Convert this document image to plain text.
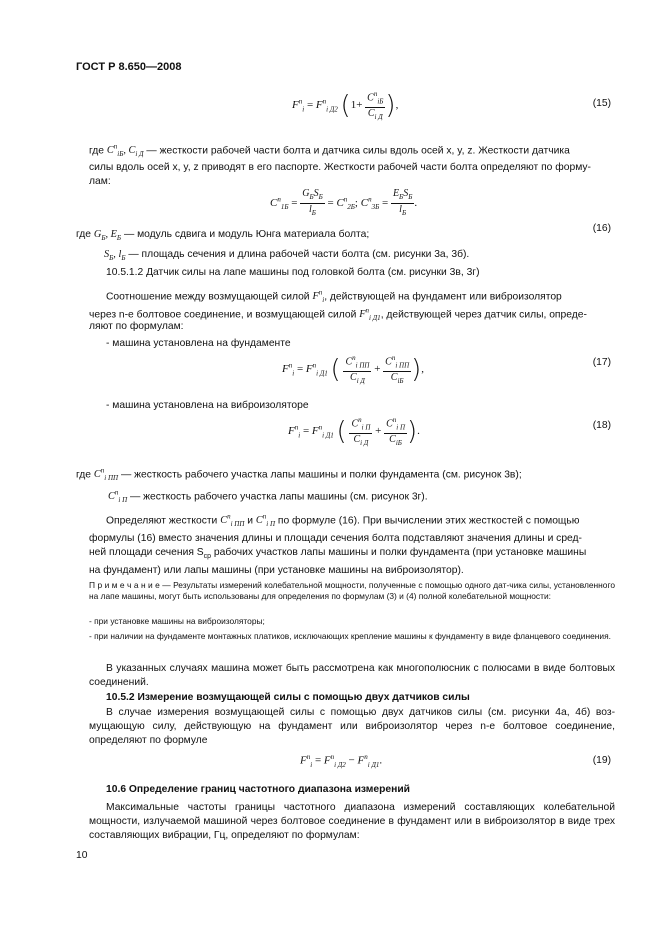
ГОСТ Р 8.650—2008
$F^n_i = F^n_{i Д2}$ ($1+ \frac{C^n_{iБ}}{C_{i Д}}$ ),	(15)
где $C^n_{iБ}$, $C_{i Д}$ — жесткости рабочей части болта и датчика силы вдоль осей x, y, z. Жесткости датчика
силы вдоль осей x, y, z приводят в его паспорте. Жесткости рабочей части болта определяют по форму-
лам:
$C^n_{1Б} = \frac{G_БS_Б}{l_Б} = C^n_{2Б}$; $C^n_{3Б} = \frac{E_БS_Б}{l_Б}$ .
(16)
где $G_Б$, $E_Б$ — модуль сдвига и модуль Юнга материала болта;
$S_Б$, $l_Б$ — площадь сечения и длина рабочей части болта (см. рисунки 3а, 3б).
10.5.1.2 Датчик силы на лапе машины под головкой болта (см. рисунки 3в, 3г)
Соотношение между возмущающей силой $F^n_i$, действующей на фундамент или виброизолятор
через n-е болтовое соединение, и возмущающей силой $F^n_{i Д1}$, действующей через датчик силы, опреде-
ляют по формулам:
- машина установлена на фундаменте
$F^n_i = F^n_{i Д1}$ ( $\frac{C^n_{i ПП}}{C_{i Д}} + \frac{C^n_{i ПП}}{C_{iБ}}$ ),
(17)
- машина установлена на виброизоляторе
$F^n_i = F^n_{i Д1}$ ( $\frac{C^n_{i П}}{C_{i Д}} + \frac{C^n_{i П}}{C_{iБ}}$ ).	(18)
где $C^n_{i ПП}$ — жесткость рабочего участка лапы машины и полки фундамента (см. рисунок 3в);
$C^n_{i П}$ — жесткость рабочего участка лапы машины (см. рисунок 3г).
Определяют жесткости $C^n_{i ПП}$ и $C^n_{i П}$ по формуле (16). При вычислении этих жесткостей с помощью
формулы (16) вместо значения длины и площади сечения болта подставляют значения длины и сред-
ней площади сечения $S_{ср}$ рабочих участков лапы машины и полки фундамента (при установке машины
на фундамент) или лапы машины (при установке машины на виброизолятор).
П р и м е ч а н и е — Результаты измерений колебательной мощности, полученные с помощью одного дат-чика силы, установленного на лапе машины, могут быть использованы для определения по формулам (3) и (4) полной колебательной мощности:
- при установке машины на виброизоляторы;
- при наличии на фундаменте монтажных платиков, исключающих крепление машины к фундаменту в виде фланцевого соединения.
В указанных случаях машина может быть рассмотрена как многополюсник с полюсами в виде болтовых соединений.
10.5.2 Измерение возмущающей силы с помощью двух датчиков силы
В случае измерения возмущающей силы с помощью двух датчиков силы (см. рисунки 4а, 4б) воз-мущающую силу, действующую на фундамент или виброизолятор через n-е болтовое соединение, определяют по формуле
$F^n_i = F^n_{i Д2} - F^n_{i Д1}$.	(19)
10.6 Определение границ частотного диапазона измерений
Максимальные частоты границы частотного диапазона измерений составляющих колебательной мощности, излучаемой машиной через болтовое соединение в фундамент или в виброизолятор в виде трех составляющих вибрации, Гц, определяют по формулам:
10
